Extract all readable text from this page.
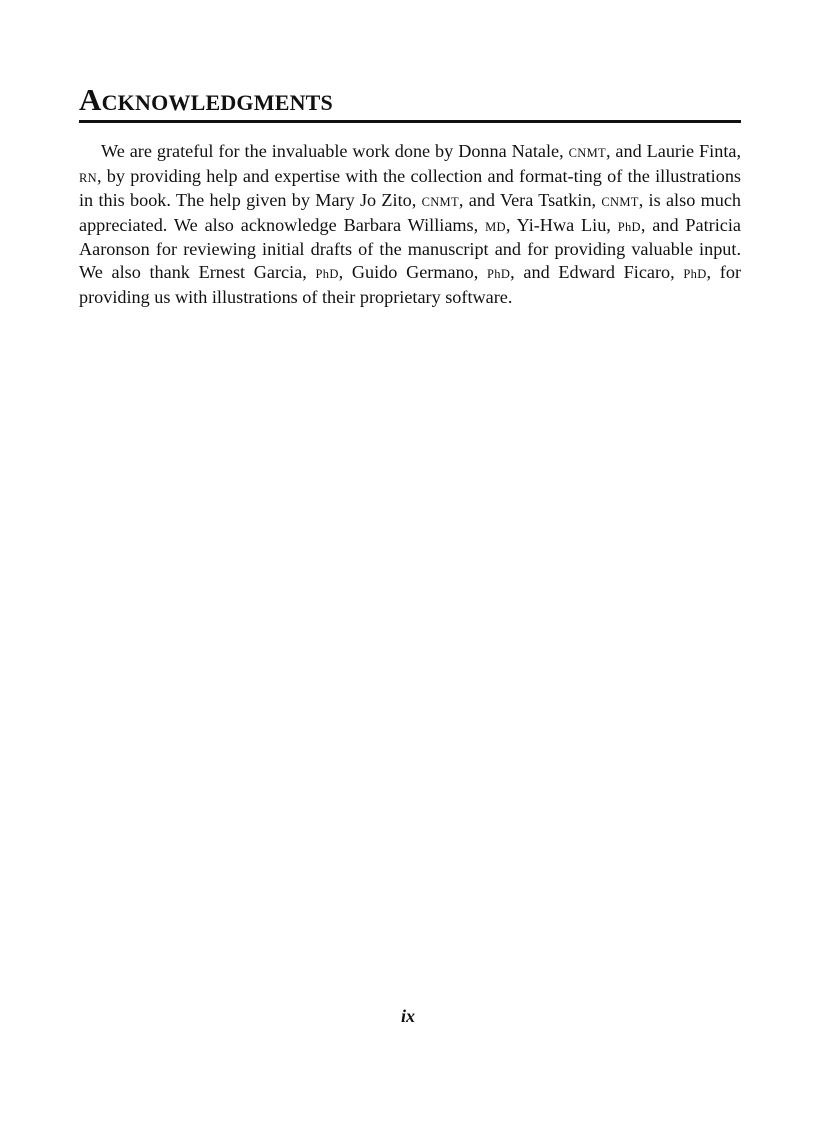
Acknowledgments

We are grateful for the invaluable work done by Donna Natale, CNMT, and Laurie Finta, RN, by providing help and expertise with the collection and format-ting of the illustrations in this book. The help given by Mary Jo Zito, CNMT, and Vera Tsatkin, CNMT, is also much appreciated. We also acknowledge Barbara Williams, MD, Yi-Hwa Liu, PhD, and Patricia Aaronson for reviewing initial drafts of the manuscript and for providing valuable input. We also thank Ernest Garcia, PhD, Guido Germano, PhD, and Edward Ficaro, PhD, for providing us with illustrations of their proprietary software.

ix
